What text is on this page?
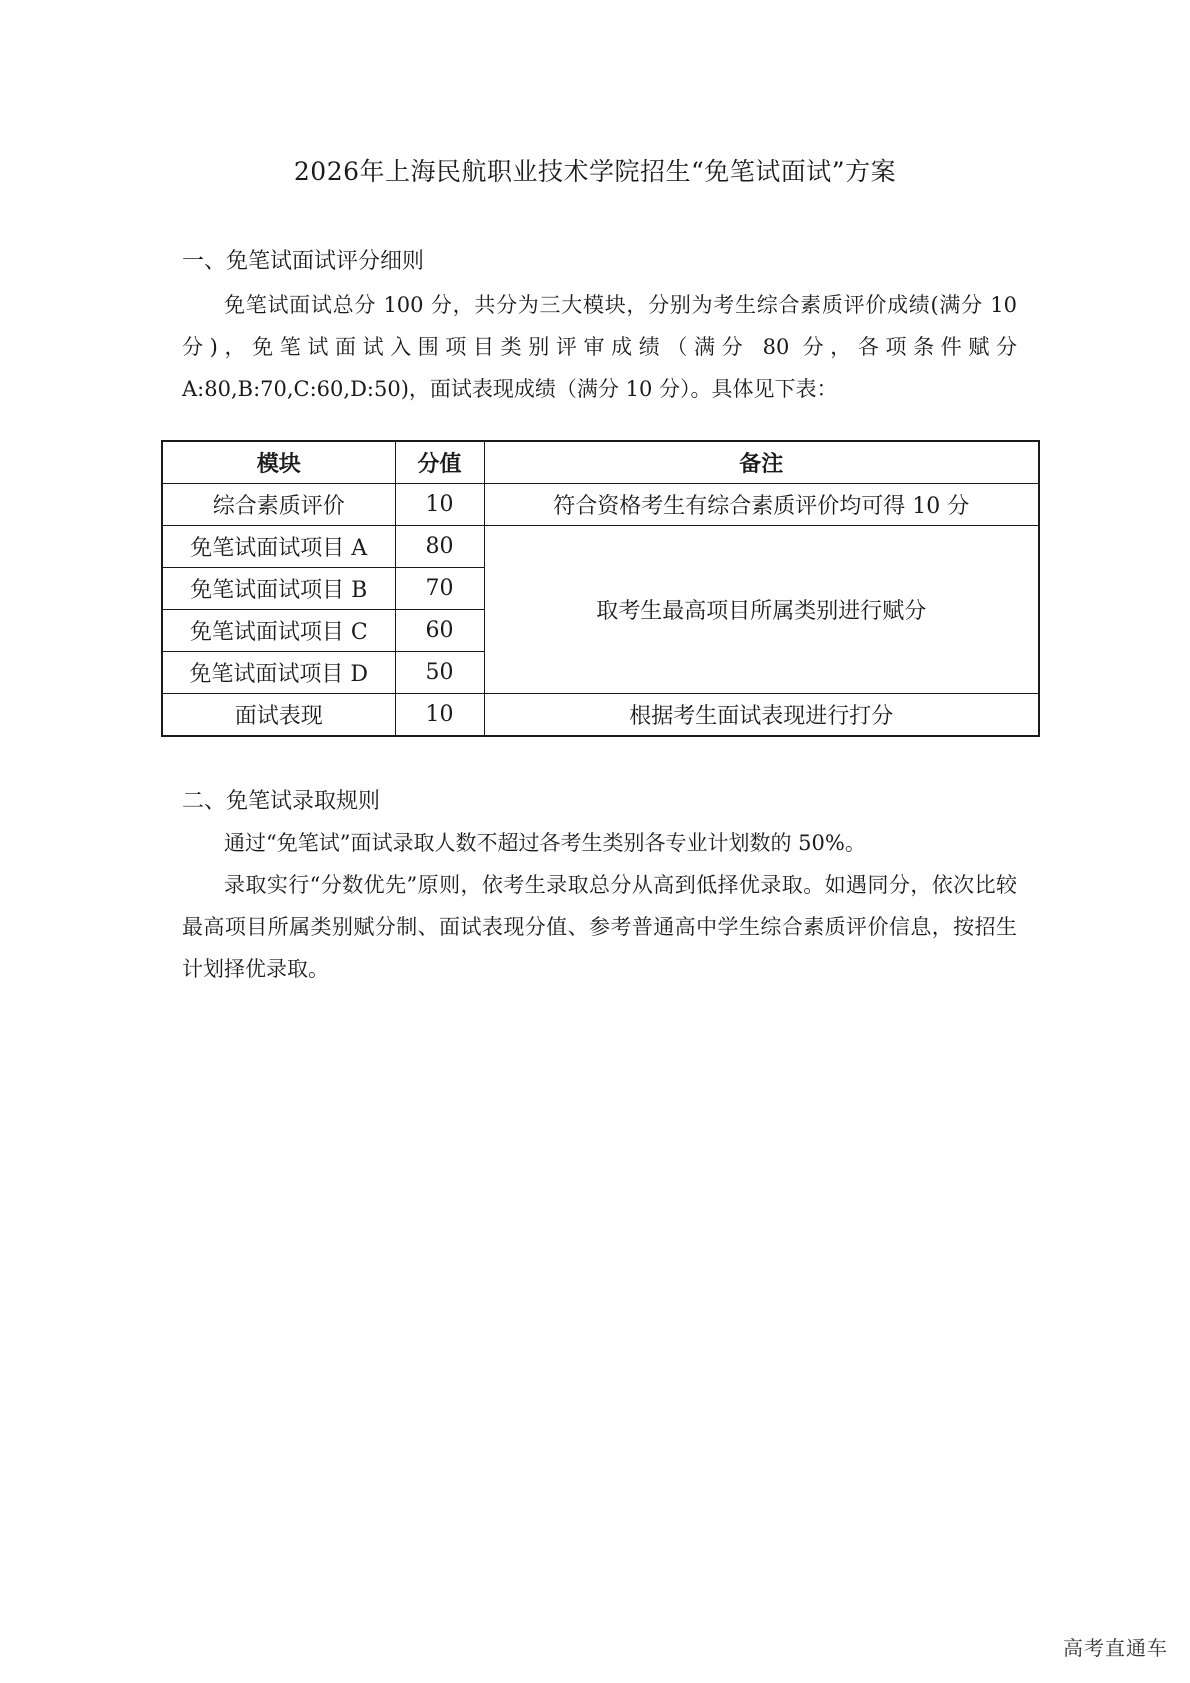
2026年上海民航职业技术学院招生“免笔试面试”方案
一、免笔试面试评分细则
免笔试面试总分 100 分，共分为三大模块，分别为考生综合素质评价成绩(满分 10 分)，免笔试面试入围项目类别评审成绩（满分 80 分，各项条件赋分A:80,B:70,C:60,D:50)，面试表现成绩（满分 10 分）。具体见下表：
模块	分值	备注
综合素质评价	10	符合资格考生有综合素质评价均可得 10 分
免笔试面试项目 A	80	取考生最高项目所属类别进行赋分
免笔试面试项目 B	70	
免笔试面试项目 C	60	
免笔试面试项目 D	50	
面试表现	10	根据考生面试表现进行打分
二、免笔试录取规则
通过“免笔试”面试录取人数不超过各考生类别各专业计划数的 50%。
录取实行“分数优先”原则，依考生录取总分从高到低择优录取。如遇同分，依次比较最高项目所属类别赋分制、面试表现分值、参考普通高中学生综合素质评价信息，按招生计划择优录取。
高考直通车
